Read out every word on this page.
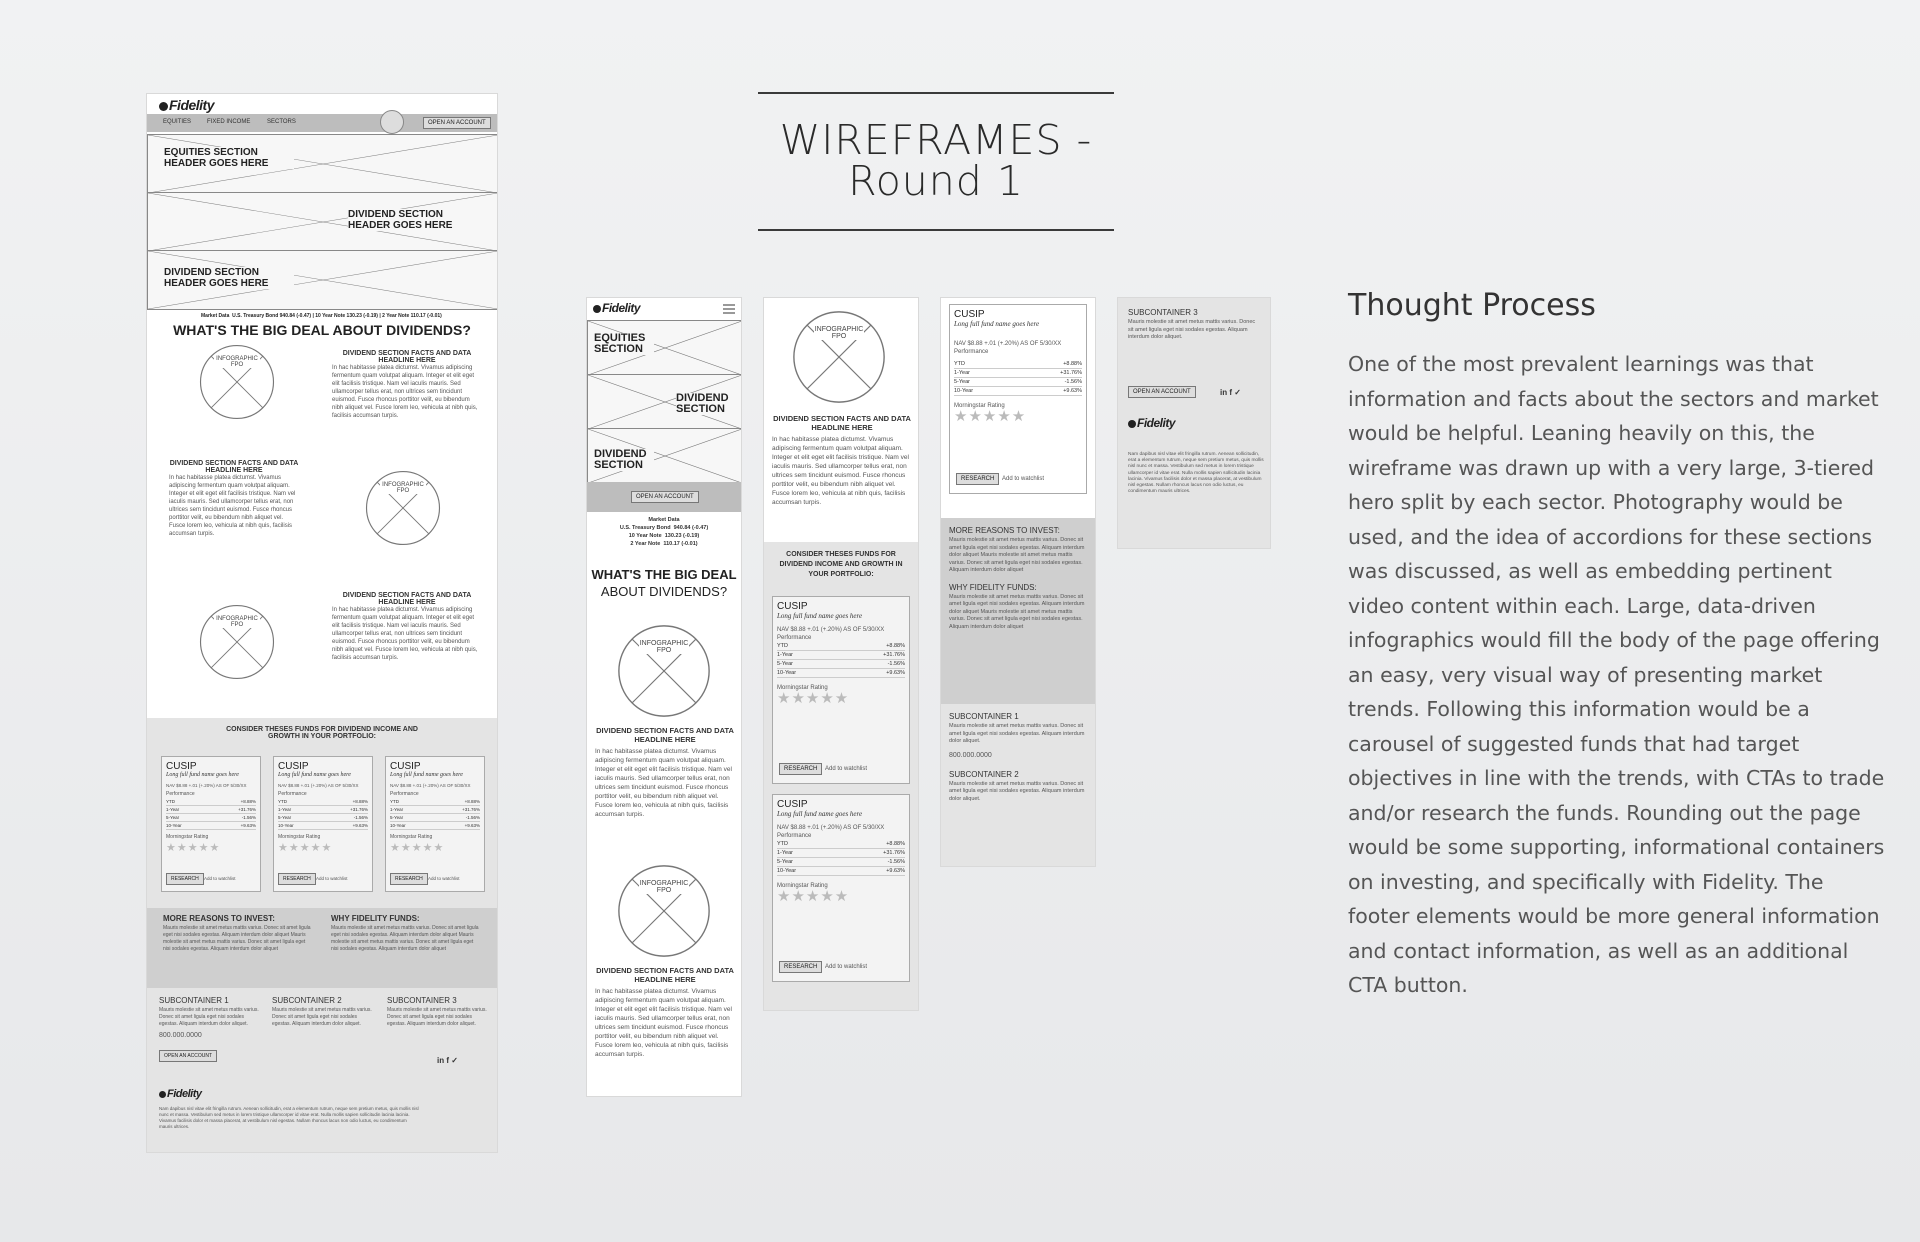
WIREFRAMES - Round 1
Thought Process

One of the most prevalent learnings was that information and facts about the sectors and market would be helpful. Leaning heavily on this, the wireframe was drawn up with a very large, 3-tiered hero split by each sector. Photography would be used, and the idea of accordions for these sections was discussed, as well as embedding pertinent video content within each. Large, data-driven infographics would fill the body of the page offering an easy, very visual way of presenting market trends. Following this information would be a carousel of suggested funds that had target objectives in line with the trends, with CTAs to trade and/or research the funds. Rounding out the page would be some supporting, informational containers on investing, and specifically with Fidelity. The footer elements would be more general information and contact information, as well as an additional CTA button.

Fidelity
EQUITIES	FIXED INCOME	SECTORS	OPEN AN ACCOUNT
EQUITIES SECTION HEADER GOES HERE
DIVIDEND SECTION HEADER GOES HERE
DIVIDEND SECTION HEADER GOES HERE
Market Data U.S. Treasury Bond 940.84 (-0.47) | 10 Year Note 130.23 (-0.19) | 2 Year Note 110.17 (-0.01)
WHAT'S THE BIG DEAL ABOUT DIVIDENDS?
INFOGRAPHIC FPO

DIVIDEND SECTION FACTS AND DATA HEADLINE HERE

In hac habitasse platea dictumst. Vivamus adipiscing fermentum quam volutpat aliquam. Integer et elit eget elit facilisis tristique. Nam vel iaculis mauris. Sed ullamcorper tellus erat, non ultrices sem tincidunt euismod. Fusce rhoncus porttitor velit, eu bibendum nibh aliquet vel. Fusce lorem leo, vehicula at nibh quis, facilisis accumsan turpis.

DIVIDEND SECTION FACTS AND DATA HEADLINE HERE

In hac habitasse platea dictumst. Vivamus adipiscing fermentum quam volutpat aliquam. Integer et elit eget elit facilisis tristique. Nam vel iaculis mauris. Sed ullamcorper tellus erat, non ultrices sem tincidunt euismod. Fusce rhoncus porttitor velit, eu bibendum nibh aliquet vel. Fusce lorem leo, vehicula at nibh quis, facilisis accumsan turpis.

INFOGRAPHIC FPO
INFOGRAPHIC FPO

DIVIDEND SECTION FACTS AND DATA HEADLINE HERE

In hac habitasse platea dictumst. Vivamus adipiscing fermentum quam volutpat aliquam. Integer et elit eget elit facilisis tristique. Nam vel iaculis mauris. Sed ullamcorper tellus erat, non ultrices sem tincidunt euismod. Fusce rhoncus porttitor velit, eu bibendum nibh aliquet vel. Fusce lorem leo, vehicula at nibh quis, facilisis accumsan turpis.

CONSIDER THESES FUNDS FOR DIVIDEND INCOME AND GROWTH IN YOUR PORTFOLIO:

CUSIP
Long full fund name goes here
NAV $8.88 +.01 (+.20%) AS OF 5/30/XX
Performance
YTD	+8.88%
1-Year	+31.76%
5-Year	-1.56%
10-Year	+9.63%
Morningstar Rating
★★★★★
RESEARCH	Add to watchlist
CUSIP
Long full fund name goes here
NAV $8.88 +.01 (+.20%) AS OF 5/30/XX
Performance
YTD	+8.88%
1-Year	+31.76%
5-Year	-1.56%
10-Year	+9.63%
Morningstar Rating
★★★★★
RESEARCH	Add to watchlist
CUSIP
Long full fund name goes here
NAV $8.88 +.01 (+.20%) AS OF 5/30/XX
Performance
YTD	+8.88%
1-Year	+31.76%
5-Year	-1.56%
10-Year	+9.63%
Morningstar Rating
★★★★★
RESEARCH	Add to watchlist

MORE REASONS TO INVEST:

Mauris molestie sit amet metus mattis varius. Donec sit amet ligula eget nisi sodales egestas. Aliquam interdum dolor aliquet Mauris molestie sit amet metus mattis varius. Donec sit amet ligula eget nisi sodales egestas. Aliquam interdum dolor aliquet

WHY FIDELITY FUNDS:

Mauris molestie sit amet metus mattis varius. Donec sit amet ligula eget nisi sodales egestas. Aliquam interdum dolor aliquet Mauris molestie sit amet metus mattis varius. Donec sit amet ligula eget nisi sodales egestas. Aliquam interdum dolor aliquet

SUBCONTAINER 1

Mauris molestie sit amet metus mattis varius. Donec sit amet ligula eget nisi sodales egestas. Aliquam interdum dolor aliquet.

800.000.0000

OPEN AN ACCOUNT

SUBCONTAINER 2

Mauris molestie sit amet metus mattis varius. Donec sit amet ligula eget nisi sodales egestas. Aliquam interdum dolor aliquet.

SUBCONTAINER 3

Mauris molestie sit amet metus mattis varius. Donec sit amet ligula eget nisi sodales egestas. Aliquam interdum dolor aliquet.

in f ✓
Fidelity

Nam dapibus nisl vitae elit fringilla rutrum. Aenean sollicitudin, erat a elementum rutrum, neque sem pretium metus, quis mollis nisl nunc et massa. Vestibulum sed metus in lorem tristique ullamcorper id vitae erat. Nulla mollis sapien sollicitudin lacinia lacinia. Vivamus facilisis dolor et massa placerat, at vestibulum nisl egestas. Nullam rhoncus lacus non odio luctus, eu condimentum mauris ultrices.

Fidelity
EQUITIES SECTION
DIVIDEND SECTION
DIVIDEND SECTION
OPEN AN ACCOUNT
Market Data
U.S. Treasury Bond 940.84 (-0.47)
10 Year Note 130.23 (-0.19)
2 Year Note 110.17 (-0.01)
WHAT'S THE BIG DEAL
ABOUT DIVIDENDS?
INFOGRAPHIC FPO

DIVIDEND SECTION FACTS AND DATA HEADLINE HERE

In hac habitasse platea dictumst. Vivamus adipiscing fermentum quam volutpat aliquam. Integer et elit eget elit facilisis tristique. Nam vel iaculis mauris. Sed ullamcorper tellus erat, non ultrices sem tincidunt euismod. Fusce rhoncus porttitor velit, eu bibendum nibh aliquet vel. Fusce lorem leo, vehicula at nibh quis, facilisis accumsan turpis.

INFOGRAPHIC FPO

DIVIDEND SECTION FACTS AND DATA HEADLINE HERE

In hac habitasse platea dictumst. Vivamus adipiscing fermentum quam volutpat aliquam. Integer et elit eget elit facilisis tristique. Nam vel iaculis mauris. Sed ullamcorper tellus erat, non ultrices sem tincidunt euismod. Fusce rhoncus porttitor velit, eu bibendum nibh aliquet vel. Fusce lorem leo, vehicula at nibh quis, facilisis accumsan turpis.

INFOGRAPHIC FPO

DIVIDEND SECTION FACTS AND DATA HEADLINE HERE

In hac habitasse platea dictumst. Vivamus adipiscing fermentum quam volutpat aliquam. Integer et elit eget elit facilisis tristique. Nam vel iaculis mauris. Sed ullamcorper tellus erat, non ultrices sem tincidunt euismod. Fusce rhoncus porttitor velit, eu bibendum nibh aliquet vel. Fusce lorem leo, vehicula at nibh quis, facilisis accumsan turpis.

CONSIDER THESES FUNDS FOR DIVIDEND INCOME AND GROWTH IN YOUR PORTFOLIO:

CUSIP
Long full fund name goes here
NAV $8.88 +.01 (+.20%) AS OF 5/30/XX
Performance
YTD	+8.88%
1-Year	+31.76%
5-Year	-1.56%
10-Year	+9.63%
Morningstar Rating
★★★★★
RESEARCH	Add to watchlist
CUSIP
Long full fund name goes here
NAV $8.88 +.01 (+.20%) AS OF 5/30/XX
Performance
YTD	+8.88%
1-Year	+31.76%
5-Year	-1.56%
10-Year	+9.63%
Morningstar Rating
★★★★★
RESEARCH	Add to watchlist
CUSIP
Long full fund name goes here
NAV $8.88 +.01 (+.20%) AS OF 5/30/XX
Performance
YTD	+8.88%
1-Year	+31.76%
5-Year	-1.56%
10-Year	+9.63%
Morningstar Rating
★★★★★
RESEARCH	Add to watchlist

MORE REASONS TO INVEST:

Mauris molestie sit amet metus mattis varius. Donec sit amet ligula eget nisi sodales egestas. Aliquam interdum dolor aliquet Mauris molestie sit amet metus mattis varius. Donec sit amet ligula eget nisi sodales egestas. Aliquam interdum dolor aliquet

WHY FIDELITY FUNDS:

Mauris molestie sit amet metus mattis varius. Donec sit amet ligula eget nisi sodales egestas. Aliquam interdum dolor aliquet Mauris molestie sit amet metus mattis varius. Donec sit amet ligula eget nisi sodales egestas. Aliquam interdum dolor aliquet

SUBCONTAINER 1

Mauris molestie sit amet metus mattis varius. Donec sit amet ligula eget nisi sodales egestas. Aliquam interdum dolor aliquet.

800.000.0000

SUBCONTAINER 2

Mauris molestie sit amet metus mattis varius. Donec sit amet ligula eget nisi sodales egestas. Aliquam interdum dolor aliquet.

SUBCONTAINER 3

Mauris molestie sit amet metus mattis varius. Donec sit amet ligula eget nisi sodales egestas. Aliquam interdum dolor aliquet.

OPEN AN ACCOUNT	in f ✓
Fidelity

Nam dapibus nisl vitae elit fringilla rutrum. Aenean sollicitudin, erat a elementum rutrum, neque sem pretium metus, quis mollis nisl nunc et massa. Vestibulum sed metus in lorem tristique ullamcorper id vitae erat. Nulla mollis sapien sollicitudin lacinia lacinia. Vivamus facilisis dolor et massa placerat, at vestibulum nisl egestas. Nullam rhoncus lacus non odio luctus, eu condimentum mauris ultrices.
